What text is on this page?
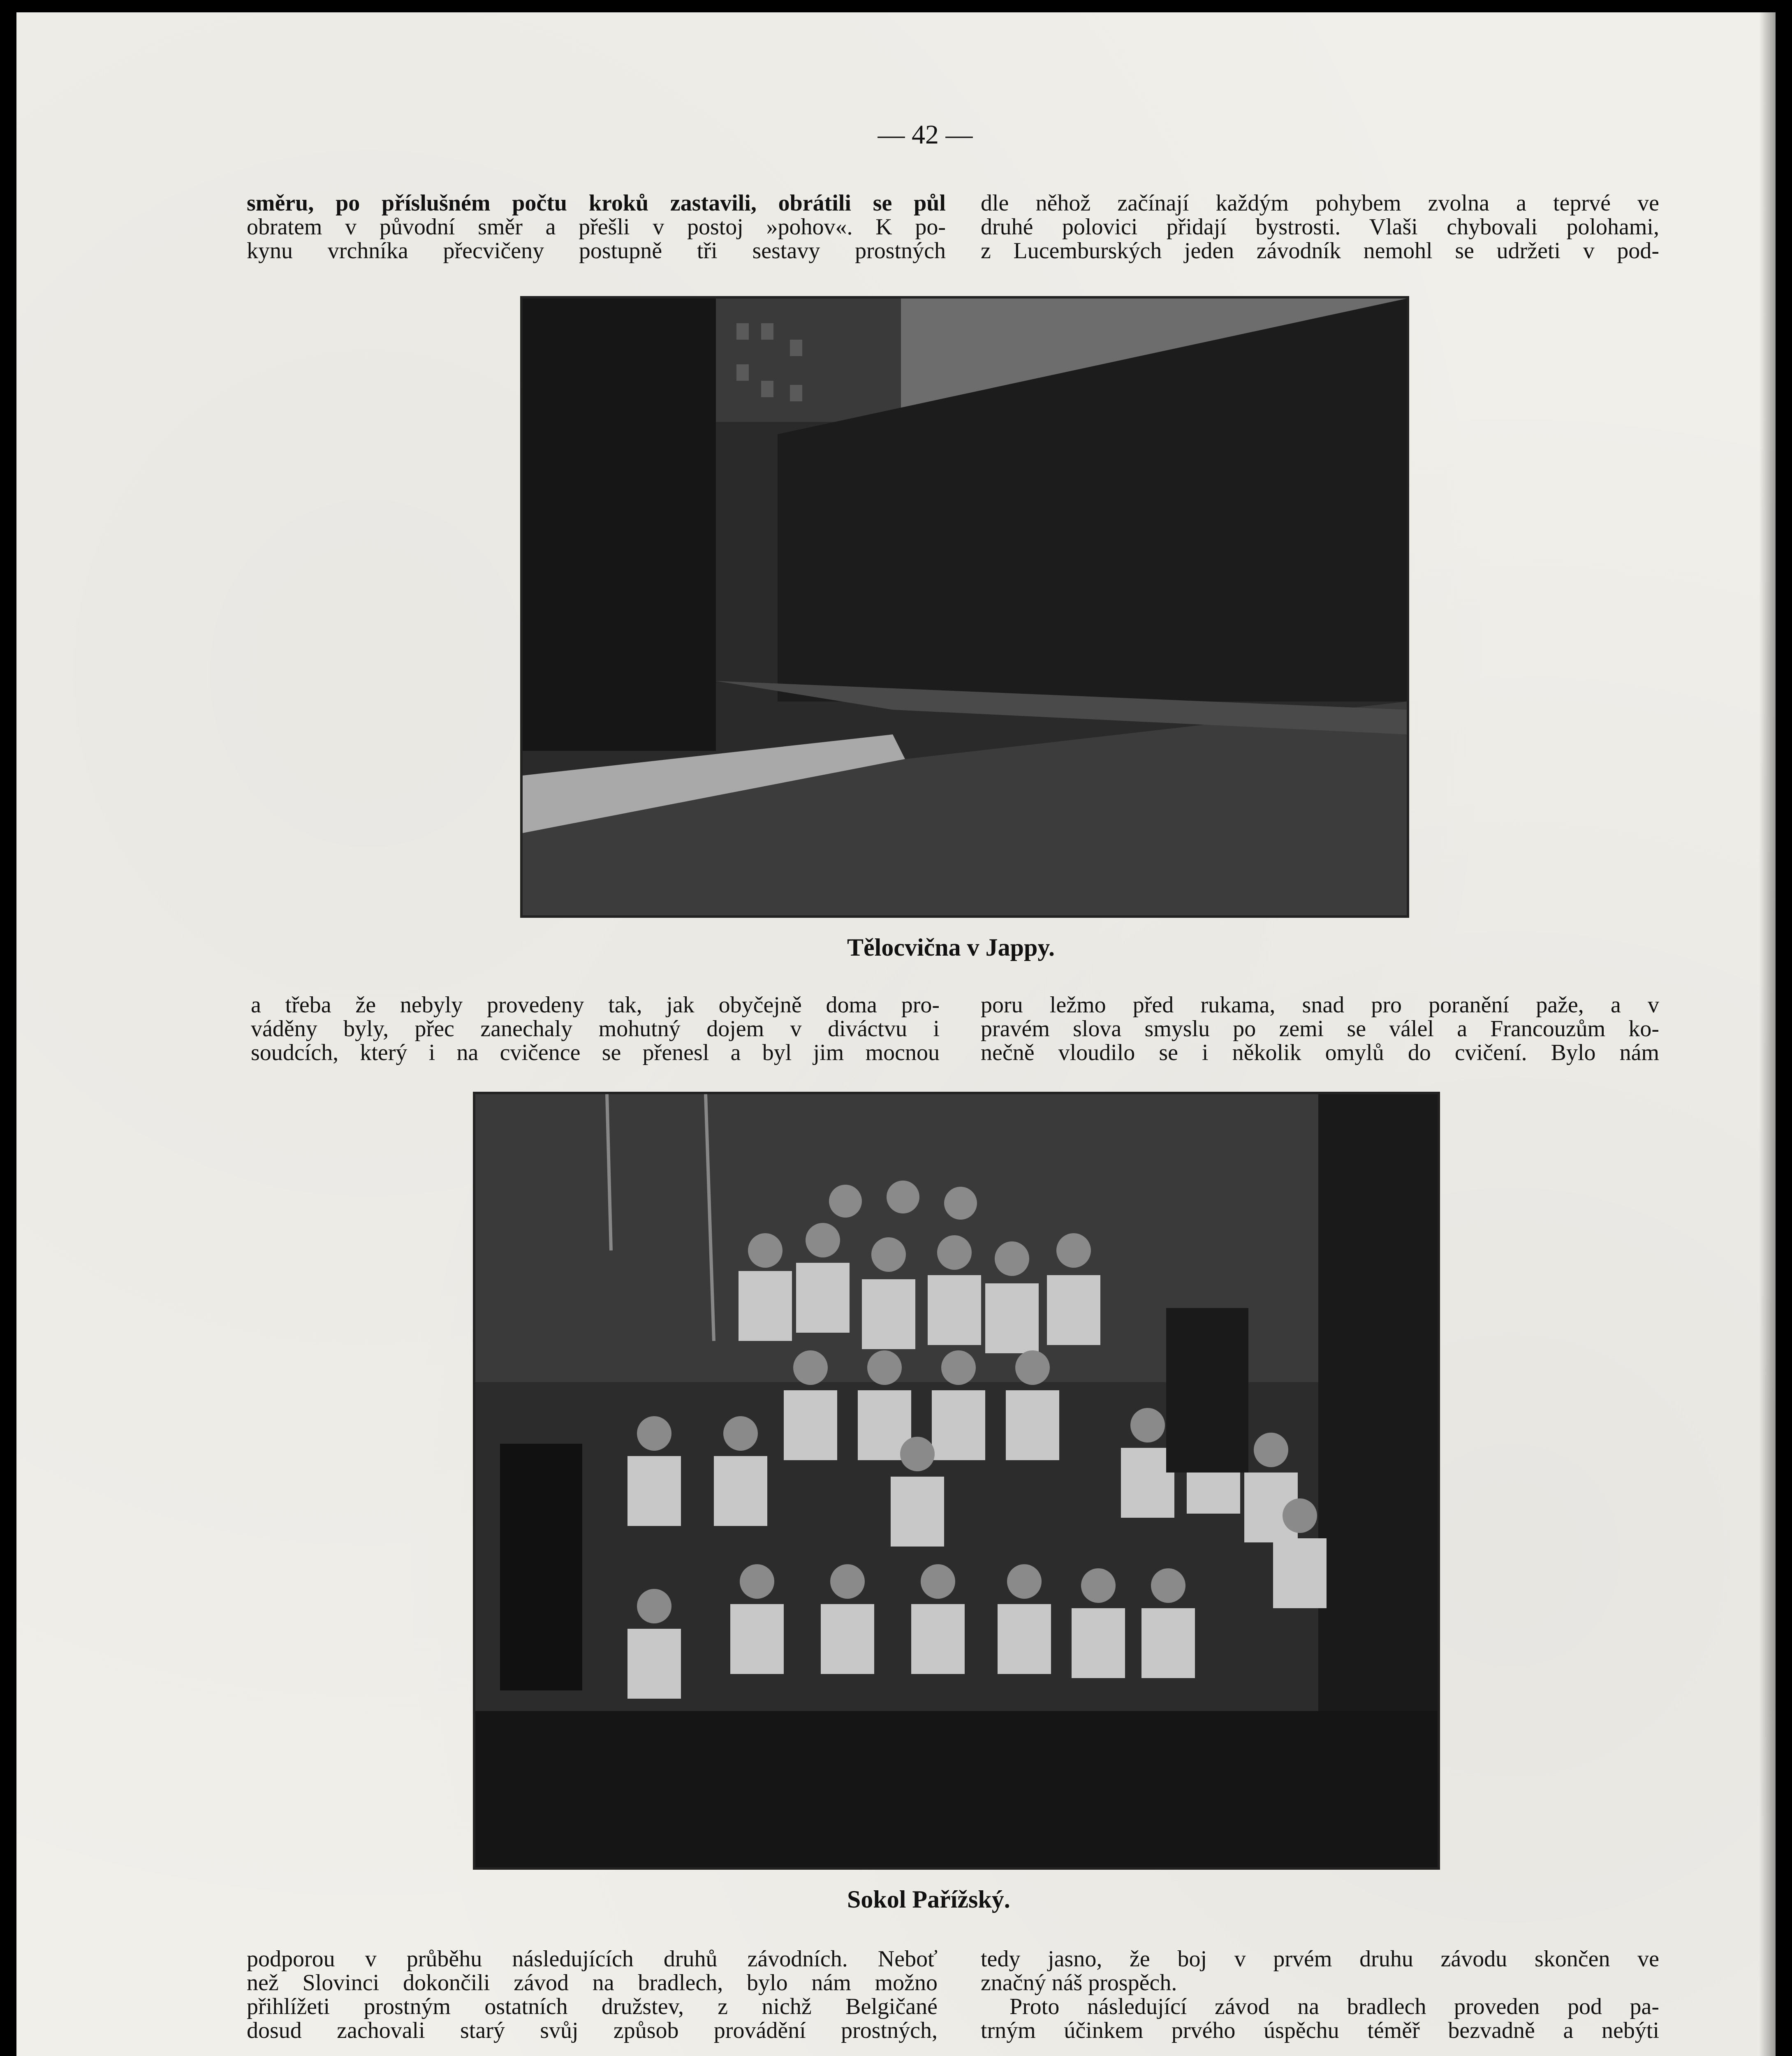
— 42 —
směru, po příslušném počtu kroků zastavili, obrátili se půl
obratem v původní směr a přešli v postoj »pohov«. K po-
kynu vrchníka přecvičeny postupně tři sestavy prostných
dle něhož začínají každým pohybem zvolna a teprvé ve
druhé polovici přidají bystrosti. Vlaši chybovali polohami,
z Lucemburských jeden závodník nemohl se udržeti v pod-
Tělocvična v Jappy.
a třeba že nebyly provedeny tak, jak obyčejně doma pro-
váděny byly, přec zanechaly mohutný dojem v diváctvu i
soudcích, který i na cvičence se přenesl a byl jim mocnou
poru ležmo před rukama, snad pro poranění paže, a v
pravém slova smyslu po zemi se válel a Francouzům ko-
nečně vloudilo se i několik omylů do cvičení. Bylo nám
Sokol Pařížský.
podporou v průběhu následujících druhů závodních. Neboť
než Slovinci dokončili závod na bradlech, bylo nám možno
přihlížeti prostným ostatních družstev, z nichž Belgičané
dosud zachovali starý svůj způsob provádění prostných,
tedy jasno, že boj v prvém druhu závodu skončen ve
značný náš prospěch.
Proto následující závod na bradlech proveden pod pa-
trným účinkem prvého úspěchu téměř bezvadně a nebýti
